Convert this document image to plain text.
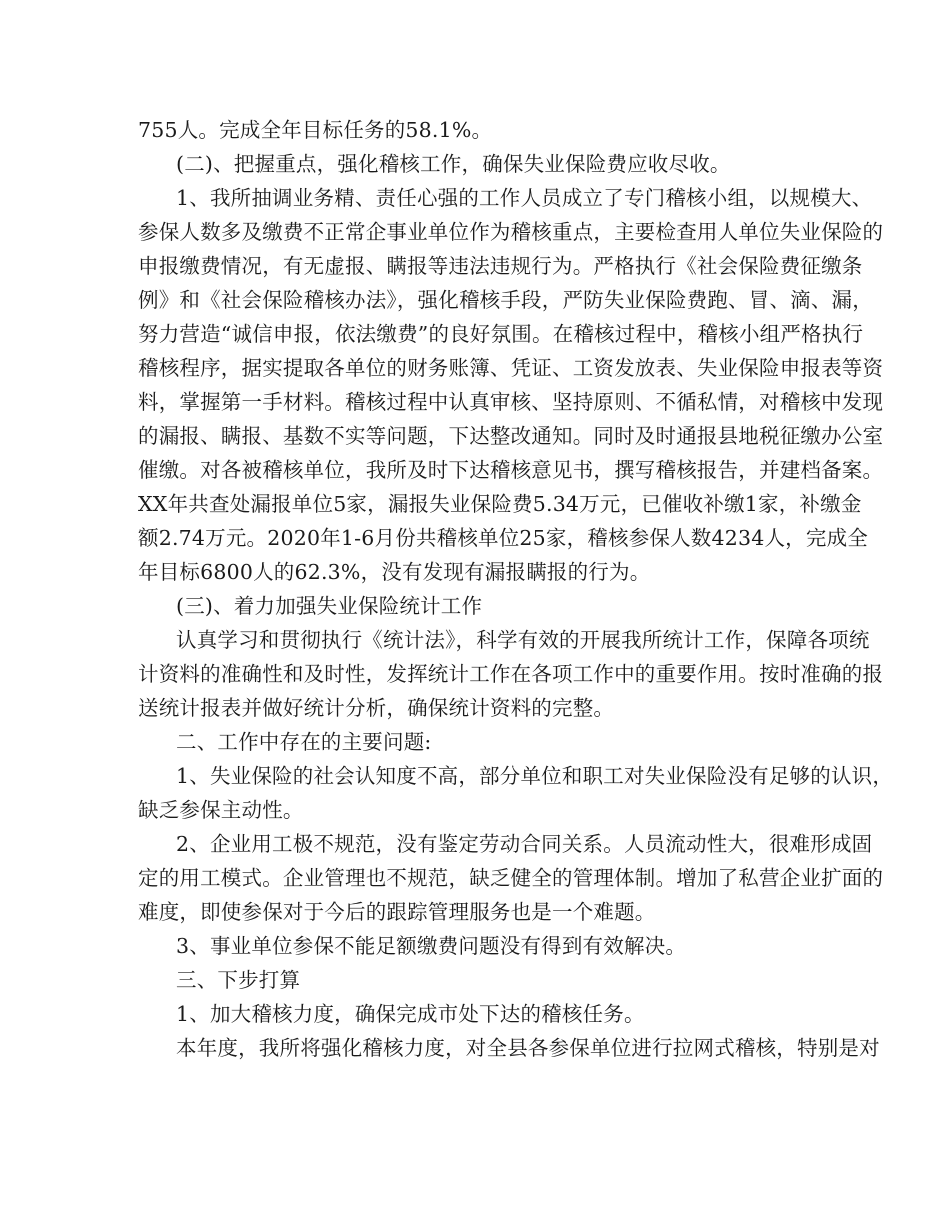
755人。完成全年目标任务的58.1%。
(二)、把握重点，强化稽核工作，确保失业保险费应收尽收。
1、我所抽调业务精、责任心强的工作人员成立了专门稽核小组，以规模大、
参保人数多及缴费不正常企事业单位作为稽核重点，主要检查用人单位失业保险的
申报缴费情况，有无虚报、瞒报等违法违规行为。严格执行《社会保险费征缴条
例》和《社会保险稽核办法》，强化稽核手段，严防失业保险费跑、冒、滴、漏，
努力营造“诚信申报，依法缴费”的良好氛围。在稽核过程中，稽核小组严格执行
稽核程序，据实提取各单位的财务账簿、凭证、工资发放表、失业保险申报表等资
料，掌握第一手材料。稽核过程中认真审核、坚持原则、不循私情，对稽核中发现
的漏报、瞒报、基数不实等问题，下达整改通知。同时及时通报县地税征缴办公室
催缴。对各被稽核单位，我所及时下达稽核意见书，撰写稽核报告，并建档备案。
XX年共查处漏报单位5家，漏报失业保险费5.34万元，已催收补缴1家，补缴金
额2.74万元。2020年1-6月份共稽核单位25家，稽核参保人数4234人，完成全
年目标6800人的62.3%，没有发现有漏报瞒报的行为。
(三)、着力加强失业保险统计工作
认真学习和贯彻执行《统计法》，科学有效的开展我所统计工作，保障各项统
计资料的准确性和及时性，发挥统计工作在各项工作中的重要作用。按时准确的报
送统计报表并做好统计分析，确保统计资料的完整。
二、工作中存在的主要问题:
1、失业保险的社会认知度不高，部分单位和职工对失业保险没有足够的认识，
缺乏参保主动性。
2、企业用工极不规范，没有鉴定劳动合同关系。人员流动性大，很难形成固
定的用工模式。企业管理也不规范，缺乏健全的管理体制。增加了私营企业扩面的
难度，即使参保对于今后的跟踪管理服务也是一个难题。
3、事业单位参保不能足额缴费问题没有得到有效解决。
三、下步打算
1、加大稽核力度，确保完成市处下达的稽核任务。
本年度，我所将强化稽核力度，对全县各参保单位进行拉网式稽核，特别是对
